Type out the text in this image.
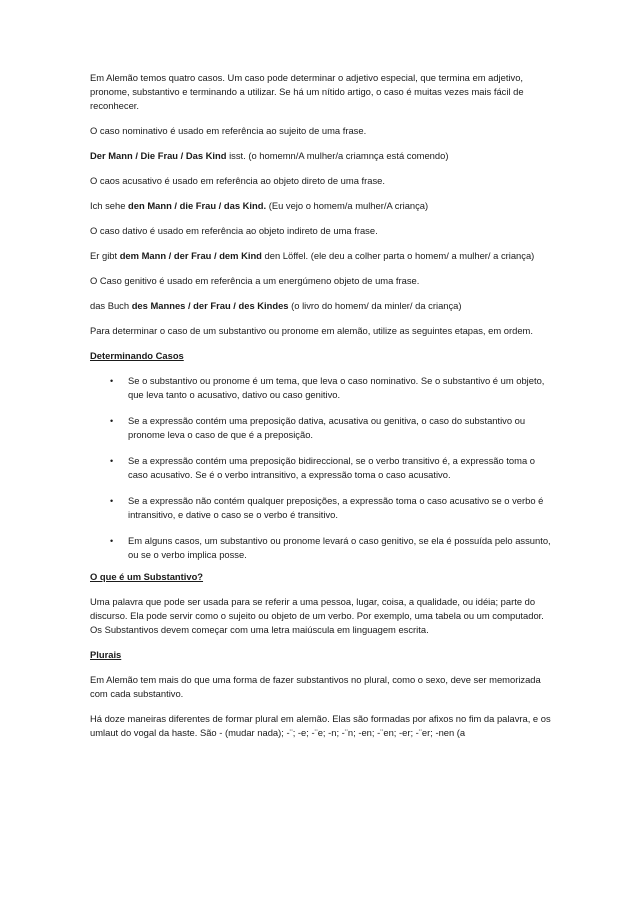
Em Alemão temos quatro casos. Um caso pode determinar o adjetivo especial, que termina em adjetivo, pronome, substantivo e terminando a utilizar. Se há um nítido artigo, o caso é muitas vezes mais fácil de reconhecer.

O caso nominativo é usado em referência ao sujeito de uma frase.

Der Mann / Die Frau / Das Kind isst. (o homemn/A mulher/a criamnça está comendo)

O caos acusativo é usado em referência ao objeto direto de uma frase.

Ich sehe den Mann / die Frau / das Kind. (Eu vejo o homem/a mulher/A criança)

O caso dativo é usado em referência ao objeto indireto de uma frase.

Er gibt dem Mann / der Frau / dem Kind den Löffel. (ele deu a colher parta o homem/ a mulher/ a criança)

O Caso genitivo é usado em referência a um energúmeno objeto de uma frase.

das Buch des Mannes / der Frau / des Kindes (o livro do homem/ da minler/ da criança)

Para determinar o caso de um substantivo ou pronome em alemão, utilize as seguintes etapas, em ordem.

Determinando Casos

• Se o substantivo ou pronome é um tema, que leva o caso nominativo. Se o substantivo é um objeto, que leva tanto o acusativo, dativo ou caso genitivo.
• Se a expressão contém uma preposição dativa, acusativa ou genitiva, o caso do substantivo ou pronome leva o caso de que é a preposição.
• Se a expressão contém uma preposição bidireccional, se o verbo transitivo é, a expressão toma o caso acusativo. Se é o verbo intransitivo, a expressão toma o caso acusativo.
• Se a expressão não contém qualquer preposições, a expressão toma o caso acusativo se o verbo é intransitivo, e dative o caso se o verbo é transitivo.
• Em alguns casos, um substantivo ou pronome levará o caso genitivo, se ela é possuída pelo assunto, ou se o verbo implica posse.

O que é um Substantivo?

Uma palavra que pode ser usada para se referir a uma pessoa, lugar, coisa, a qualidade, ou idéia; parte do discurso. Ela pode servir como o sujeito ou objeto de um verbo. Por exemplo, uma tabela ou um computador. Os Substantivos devem começar com uma letra maiúscula em linguagem escrita.

Plurais

Em Alemão tem mais do que uma forma de fazer substantivos no plural, como o sexo, deve ser memorizada com cada substantivo.

Há doze maneiras diferentes de formar plural em alemão. Elas são formadas por afixos no fim da palavra, e os umlaut do vogal da haste. São - (mudar nada); -¨; -e; -¨e; -n; -¨n; -en; -¨en; -er; -¨er; -nen (a
